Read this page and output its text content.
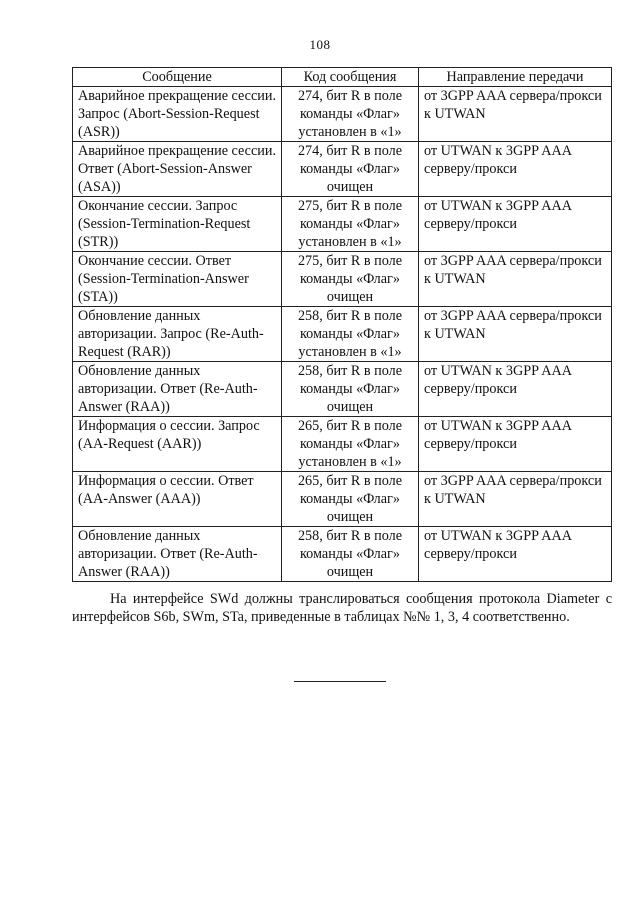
108
Сообщение	Код сообщения	Направление передачи
Аварийное прекращение сессии. Запрос (Abort-Session-Request (ASR))	274, бит R в поле команды «Флаг» установлен в «1»	от 3GPP AAA сервера/прокси к UTWAN
Аварийное прекращение сессии. Ответ (Abort-Session-Answer (ASA))	274, бит R в поле команды «Флаг» очищен	от UTWAN к 3GPP AAA серверу/прокси
Окончание сессии. Запрос (Session-Termination-Request (STR))	275, бит R в поле команды «Флаг» установлен в «1»	от UTWAN к 3GPP AAA серверу/прокси
Окончание сессии. Ответ (Session-Termination-Answer (STA))	275, бит R в поле команды «Флаг» очищен	от 3GPP AAA сервера/прокси к UTWAN
Обновление данных авторизации. Запрос (Re-Auth-Request (RAR))	258, бит R в поле команды «Флаг» установлен в «1»	от 3GPP AAA сервера/прокси к UTWAN
Обновление данных авторизации. Ответ (Re-Auth-Answer (RAA))	258, бит R в поле команды «Флаг» очищен	от UTWAN к 3GPP AAA серверу/прокси
Информация о сессии. Запрос (AA-Request (AAR))	265, бит R в поле команды «Флаг» установлен в «1»	от UTWAN к 3GPP AAA серверу/прокси
Информация о сессии. Ответ (AA-Answer (AAA))	265, бит R в поле команды «Флаг» очищен	от 3GPP AAA сервера/прокси к UTWAN
Обновление данных авторизации. Ответ (Re-Auth-Answer (RAA))	258, бит R в поле команды «Флаг» очищен	от UTWAN к 3GPP AAA серверу/прокси

На интерфейсе SWd должны транслироваться сообщения протокола Diameter с интерфейсов S6b, SWm, STa, приведенные в таблицах №№ 1, 3, 4 соответственно.
